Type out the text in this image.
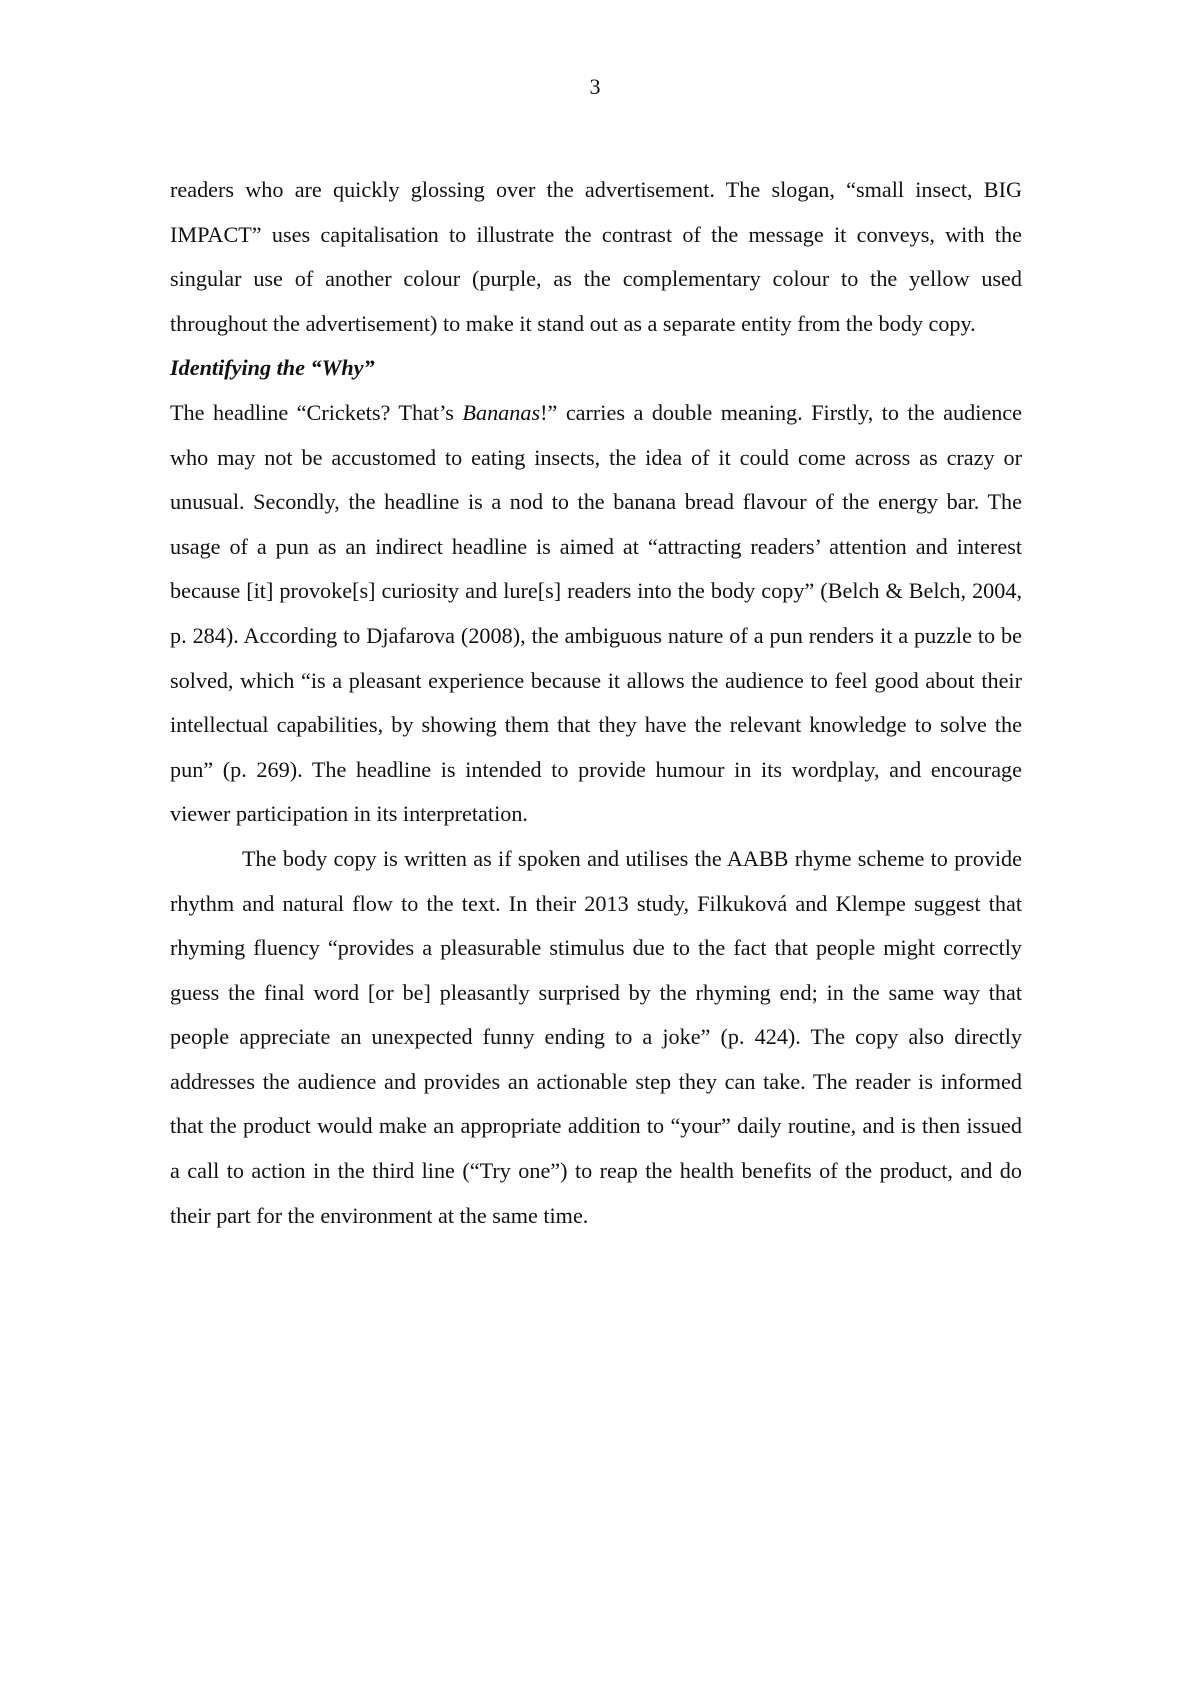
3

readers who are quickly glossing over the advertisement. The slogan, “small insect, BIG IMPACT” uses capitalisation to illustrate the contrast of the message it conveys, with the singular use of another colour (purple, as the complementary colour to the yellow used throughout the advertisement) to make it stand out as a separate entity from the body copy.

Identifying the “Why”

The headline “Crickets? That’s Bananas!” carries a double meaning. Firstly, to the audience who may not be accustomed to eating insects, the idea of it could come across as crazy or unusual. Secondly, the headline is a nod to the banana bread flavour of the energy bar. The usage of a pun as an indirect headline is aimed at “attracting readers’ attention and interest because [it] provoke[s] curiosity and lure[s] readers into the body copy” (Belch & Belch, 2004, p. 284). According to Djafarova (2008), the ambiguous nature of a pun renders it a puzzle to be solved, which “is a pleasant experience because it allows the audience to feel good about their intellectual capabilities, by showing them that they have the relevant knowledge to solve the pun” (p. 269). The headline is intended to provide humour in its wordplay, and encourage viewer participation in its interpretation.

The body copy is written as if spoken and utilises the AABB rhyme scheme to provide rhythm and natural flow to the text. In their 2013 study, Filkuková and Klempe suggest that rhyming fluency “provides a pleasurable stimulus due to the fact that people might correctly guess the final word [or be] pleasantly surprised by the rhyming end; in the same way that people appreciate an unexpected funny ending to a joke” (p. 424). The copy also directly addresses the audience and provides an actionable step they can take. The reader is informed that the product would make an appropriate addition to “your” daily routine, and is then issued a call to action in the third line (“Try one”) to reap the health benefits of the product, and do their part for the environment at the same time.
